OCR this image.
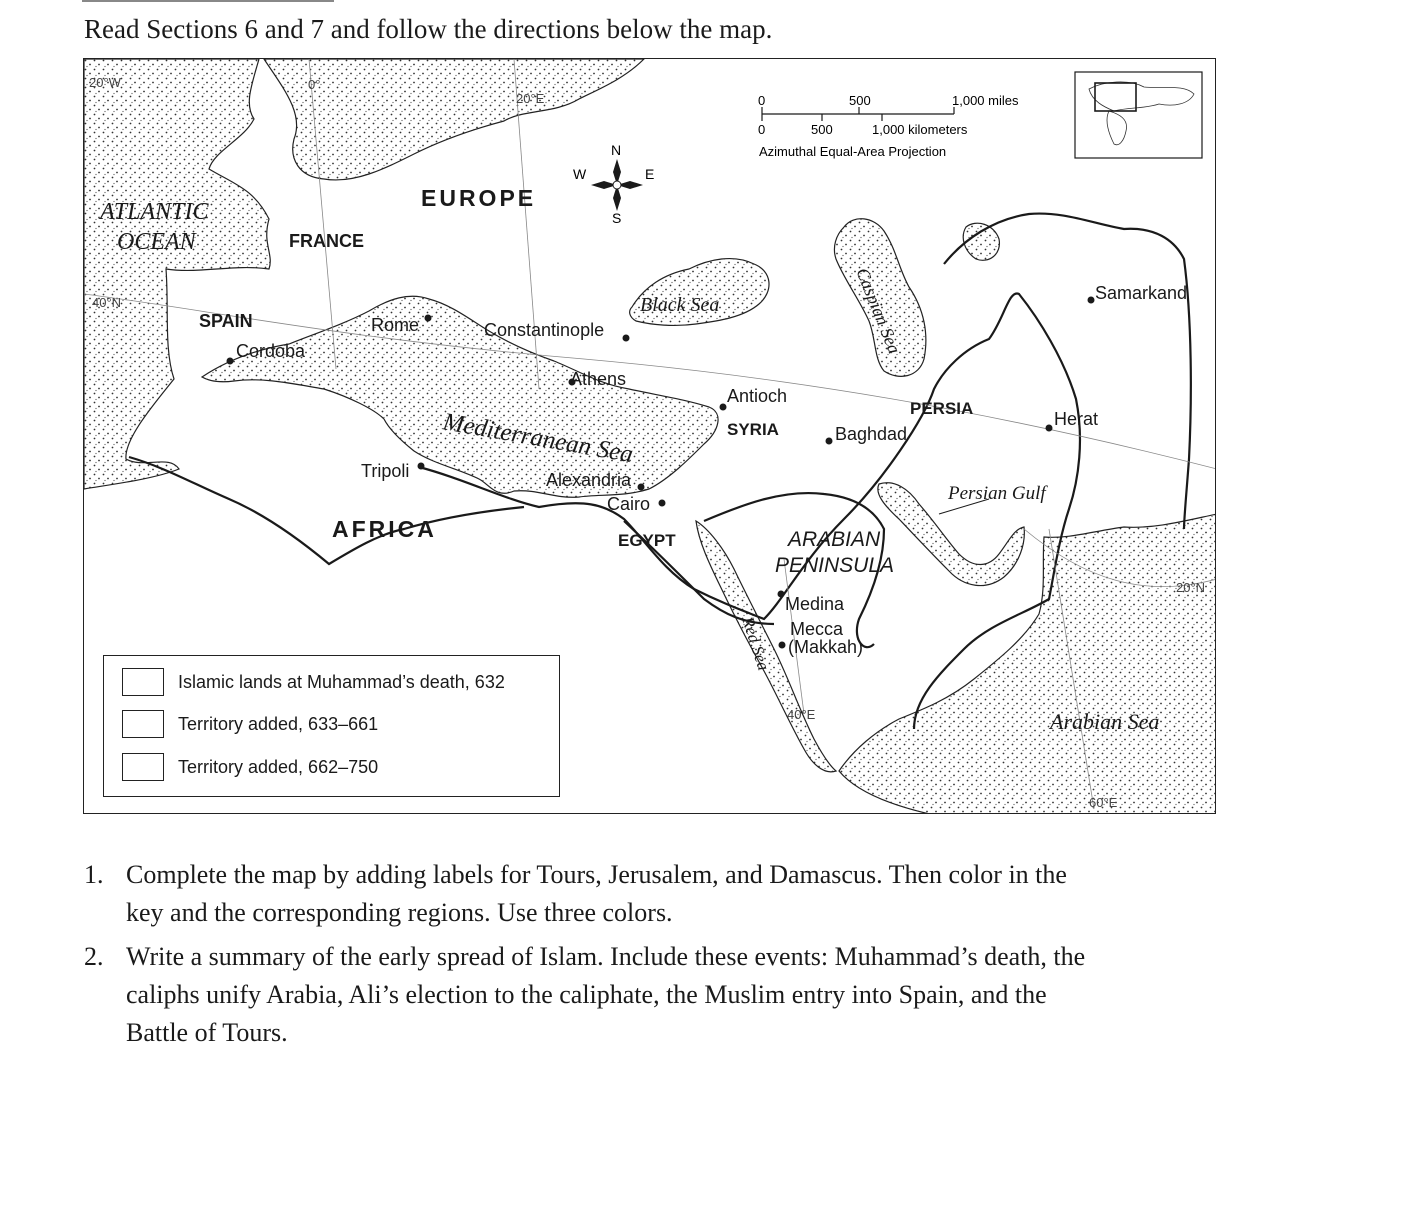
Read Sections 6 and 7 and follow the directions below the map.
N
S
E
W
0	500	1,000 miles
0	500	1,000 kilometers
Azimuthal Equal-Area Projection
EUROPE
FRANCE
SPAIN
AFRICA	EGYPT
SYRIA
PERSIA
ARABIAN
PENINSULA
ATLANTIC
OCEAN
Black Sea	Caspian Sea
Mediterranean Sea
Red Sea
Persian Gulf
Arabian Sea
Rome
Cordoba
Constantinople
Athens
Antioch
Baghdad
Tripoli	Alexandria
Cairo
Medina
Mecca
(Makkah)
Samarkand
Herat
20°W	0°
20°E
40°E
60°E
40°N
20°N
Islamic lands at Muhammad’s death, 632
Territory added, 633–661
Territory added, 662–750
1. Complete the map by adding labels for Tours, Jerusalem, and Damascus. Then color in the key and the corresponding regions. Use three colors.
2. Write a summary of the early spread of Islam. Include these events: Muhammad’s death, the caliphs unify Arabia, Ali’s election to the caliphate, the Muslim entry into Spain, and the Battle of Tours.
